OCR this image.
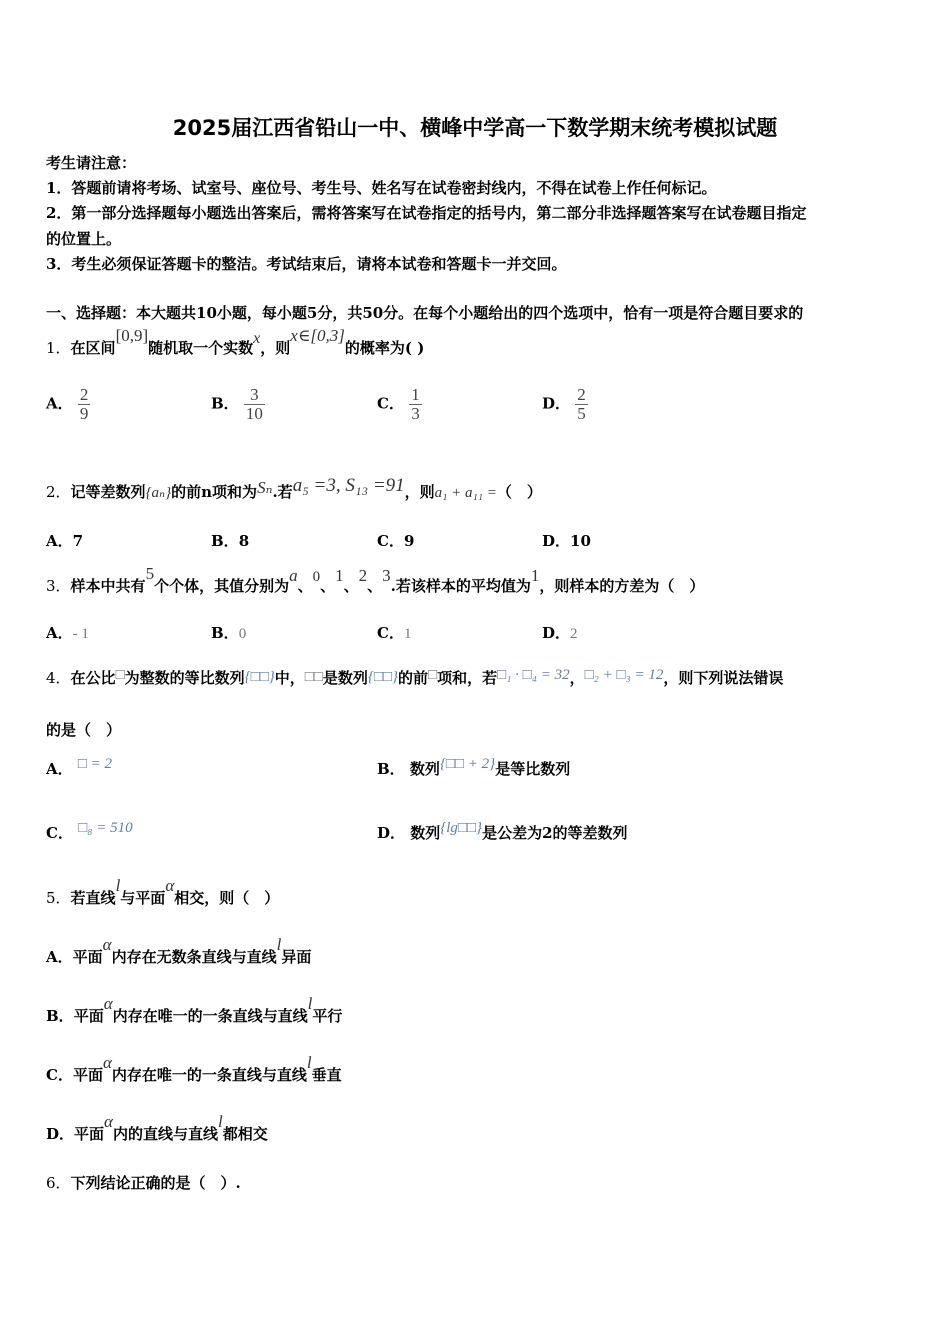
2025届江西省铅山一中、横峰中学高一下数学期末统考模拟试题
考生请注意：
1．答题前请将考场、试室号、座位号、考生号、姓名写在试卷密封线内，不得在试卷上作任何标记。
2．第一部分选择题每小题选出答案后，需将答案写在试卷指定的括号内，第二部分非选择题答案写在试卷题目指定
的位置上。
3．考生必须保证答题卡的整洁。考试结束后，请将本试卷和答题卡一并交回。
一、选择题：本大题共10小题，每小题5分，共50分。在每个小题给出的四个选项中，恰有一项是符合题目要求的
1．在区间[0,9]随机取一个实数x，则x∈[0,3]的概率为( )
A． $\frac{2}{9}$	B． $\frac{3}{10}$	C． $\frac{1}{3}$	D． $\frac{2}{5}$
2．记等差数列{aₙ}的前n项和为Sₙ.若a₅ =3, S₁₃ =91，则a₁ + a₁₁ =（　）
A．7	B．8	C．9	D．10
3．样本中共有5个个体，其值分别为a、0、1、2、3.若该样本的平均值为1，则样本的方差为（　）
A．- 1	B．0	C．1	D．2
4．在公比□为整数的等比数列{□□}中，□□是数列{□□}的前□项和，若□₁ · □₄ = 32，□₂ + □₃ = 12，则下列说法错误
的是（　）
A． □ = 2	B． 数列{□□ + 2}是等比数列
C． □₈ = 510	D． 数列{lg□□}是公差为2的等差数列
5．若直线l与平面α相交，则（　）
A．平面α内存在无数条直线与直线l异面
B．平面α内存在唯一的一条直线与直线l平行
C．平面α内存在唯一的一条直线与直线l垂直
D．平面α内的直线与直线l都相交
6．下列结论正确的是（　）.
